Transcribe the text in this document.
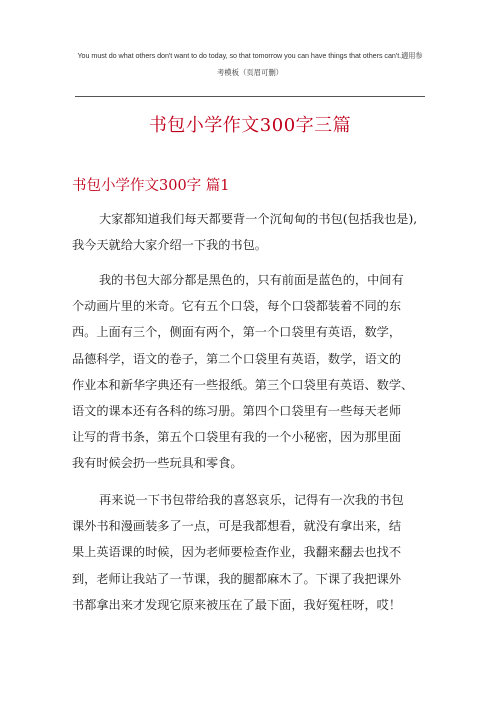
You must do what others don't want to do today, so that tomorrow you can have things that others can't.適用参
考模板（页眉可删）
书包小学作文300字三篇
书包小学作文300字 篇1
大家都知道我们每天都要背一个沉甸甸的书包(包括我也是),
我今天就给大家介绍一下我的书包。
我的书包大部分都是黑色的，只有前面是蓝色的，中间有
个动画片里的米奇。它有五个口袋，每个口袋都装着不同的东
西。上面有三个，侧面有两个，第一个口袋里有英语，数学，
品德科学，语文的卷子，第二个口袋里有英语，数学，语文的
作业本和新华字典还有一些报纸。第三个口袋里有英语、数学、
语文的课本还有各科的练习册。第四个口袋里有一些每天老师
让写的背书条，第五个口袋里有我的一个小秘密，因为那里面
我有时候会扔一些玩具和零食。
再来说一下书包带给我的喜怒哀乐，记得有一次我的书包
课外书和漫画装多了一点，可是我都想看，就没有拿出来，结
果上英语课的时候，因为老师要检查作业，我翻来翻去也找不
到，老师让我站了一节课，我的腿都麻木了。下课了我把课外
书都拿出来才发现它原来被压在了最下面，我好冤枉呀，哎！
